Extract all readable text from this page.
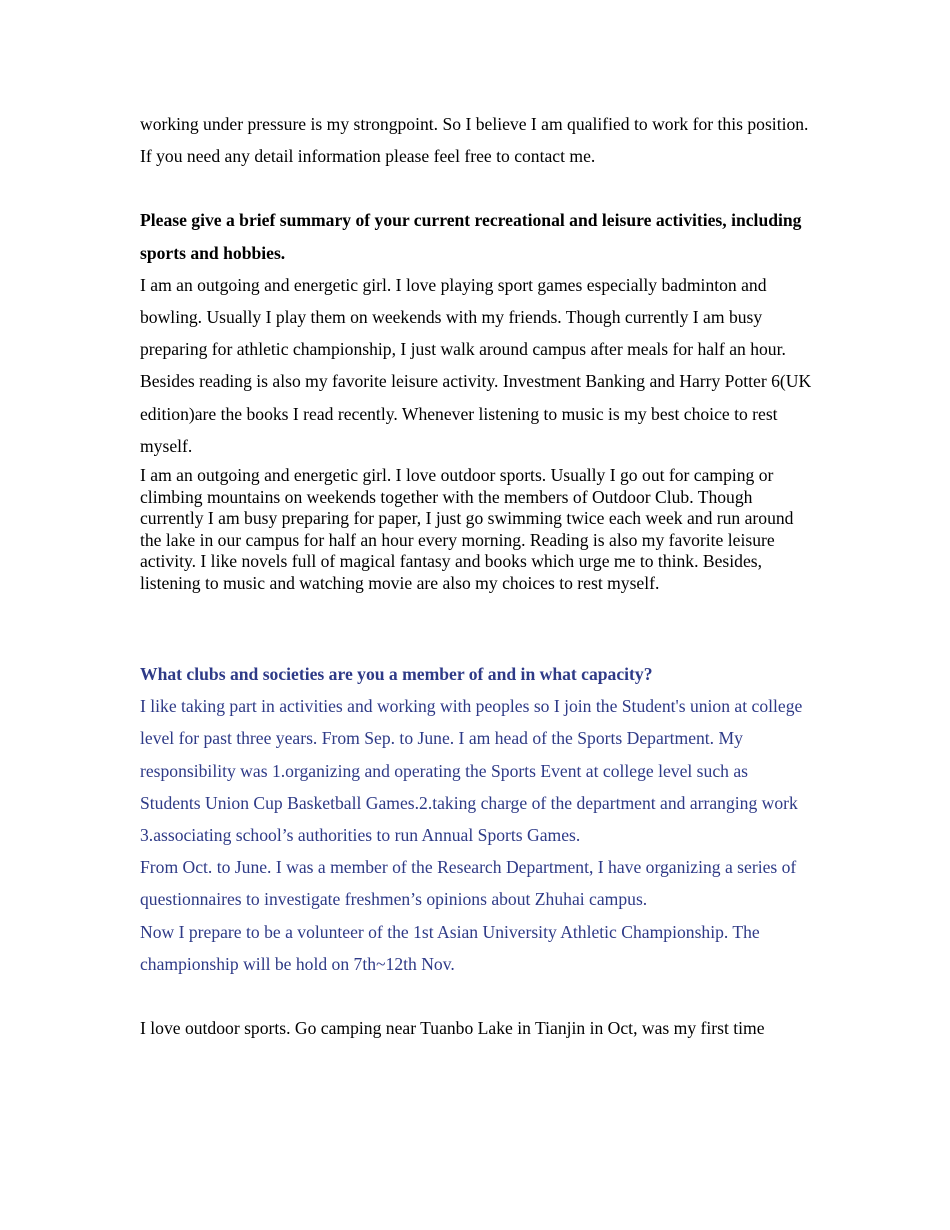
working under pressure is my strongpoint. So I believe I am qualified to work for this position. If you need any detail information please feel free to contact me.

Please give a brief summary of your current recreational and leisure activities, including sports and hobbies.

I am an outgoing and energetic girl. I love playing sport games especially badminton and bowling. Usually I play them on weekends with my friends. Though currently I am busy preparing for athletic championship, I just walk around campus after meals for half an hour. Besides reading is also my favorite leisure activity. Investment Banking and Harry Potter 6(UK edition)are the books I read recently. Whenever listening to music is my best choice to rest myself.

I am an outgoing and energetic girl. I love outdoor sports. Usually I go out for camping or climbing mountains on weekends together with the members of Outdoor Club. Though currently I am busy preparing for paper, I just go swimming twice each week and run around the lake in our campus for half an hour every morning. Reading is also my favorite leisure activity. I like novels full of magical fantasy and books which urge me to think. Besides, listening to music and watching movie are also my choices to rest myself.

What clubs and societies are you a member of and in what capacity?

I like taking part in activities and working with peoples so I join the Student's union at college level for past three years. From Sep. to June. I am head of the Sports Department. My responsibility was 1.organizing and operating the Sports Event at college level such as Students Union Cup Basketball Games.2.taking charge of the department and arranging work 3.associating school’s authorities to run Annual Sports Games.

From Oct. to June. I was a member of the Research Department, I have organizing a series of questionnaires to investigate freshmen’s opinions about Zhuhai campus.

Now I prepare to be a volunteer of the 1st Asian University Athletic Championship. The championship will be hold on 7th~12th Nov.

I love outdoor sports. Go camping near Tuanbo Lake in Tianjin in Oct, was my first time
